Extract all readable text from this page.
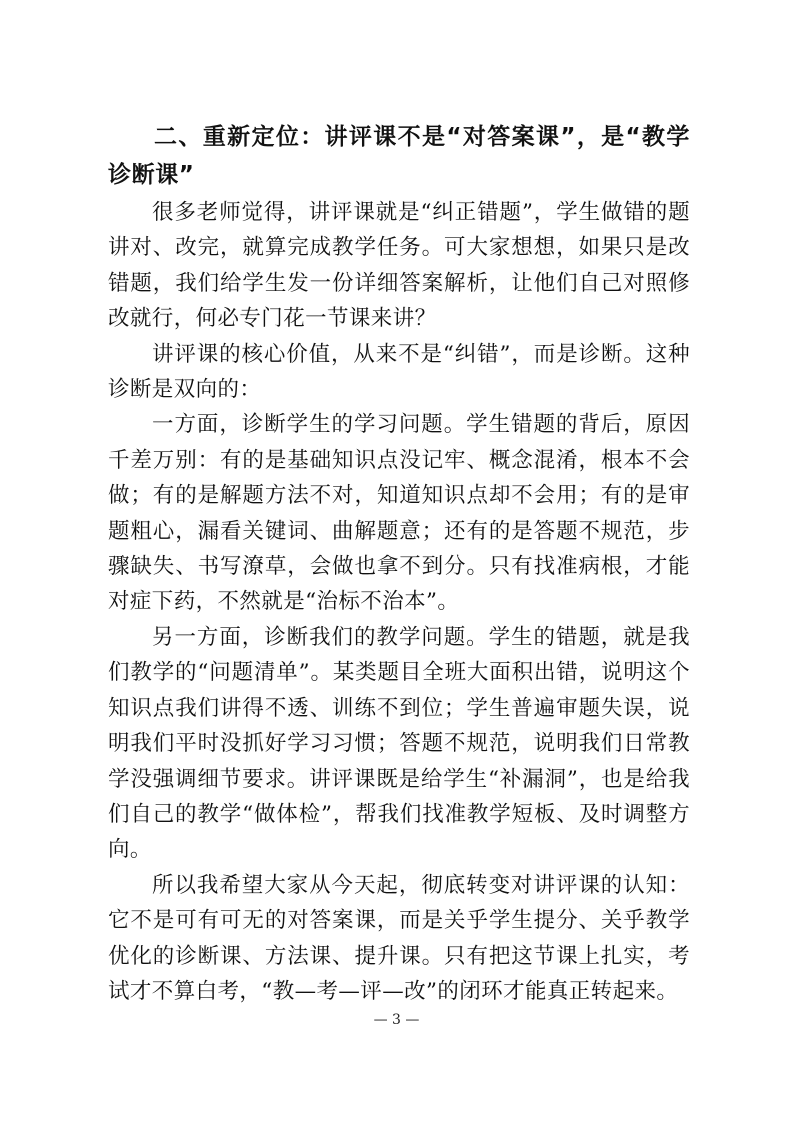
二、重新定位：讲评课不是“对答案课”，是“教学诊断课”

很多老师觉得，讲评课就是“纠正错题”，学生做错的题讲对、改完，就算完成教学任务。可大家想想，如果只是改错题，我们给学生发一份详细答案解析，让他们自己对照修改就行，何必专门花一节课来讲？

讲评课的核心价值，从来不是“纠错”，而是诊断。这种诊断是双向的：

一方面，诊断学生的学习问题。学生错题的背后，原因千差万别：有的是基础知识点没记牢、概念混淆，根本不会做；有的是解题方法不对，知道知识点却不会用；有的是审题粗心，漏看关键词、曲解题意；还有的是答题不规范，步骤缺失、书写潦草，会做也拿不到分。只有找准病根，才能对症下药，不然就是“治标不治本”。

另一方面，诊断我们的教学问题。学生的错题，就是我们教学的“问题清单”。某类题目全班大面积出错，说明这个知识点我们讲得不透、训练不到位；学生普遍审题失误，说明我们平时没抓好学习习惯；答题不规范，说明我们日常教学没强调细节要求。讲评课既是给学生“补漏洞”，也是给我们自己的教学“做体检”，帮我们找准教学短板、及时调整方向。

所以我希望大家从今天起，彻底转变对讲评课的认知：它不是可有可无的对答案课，而是关乎学生提分、关乎教学优化的诊断课、方法课、提升课。只有把这节课上扎实，考试才不算白考，“教—考—评—改”的闭环才能真正转起来。

— 3 —
